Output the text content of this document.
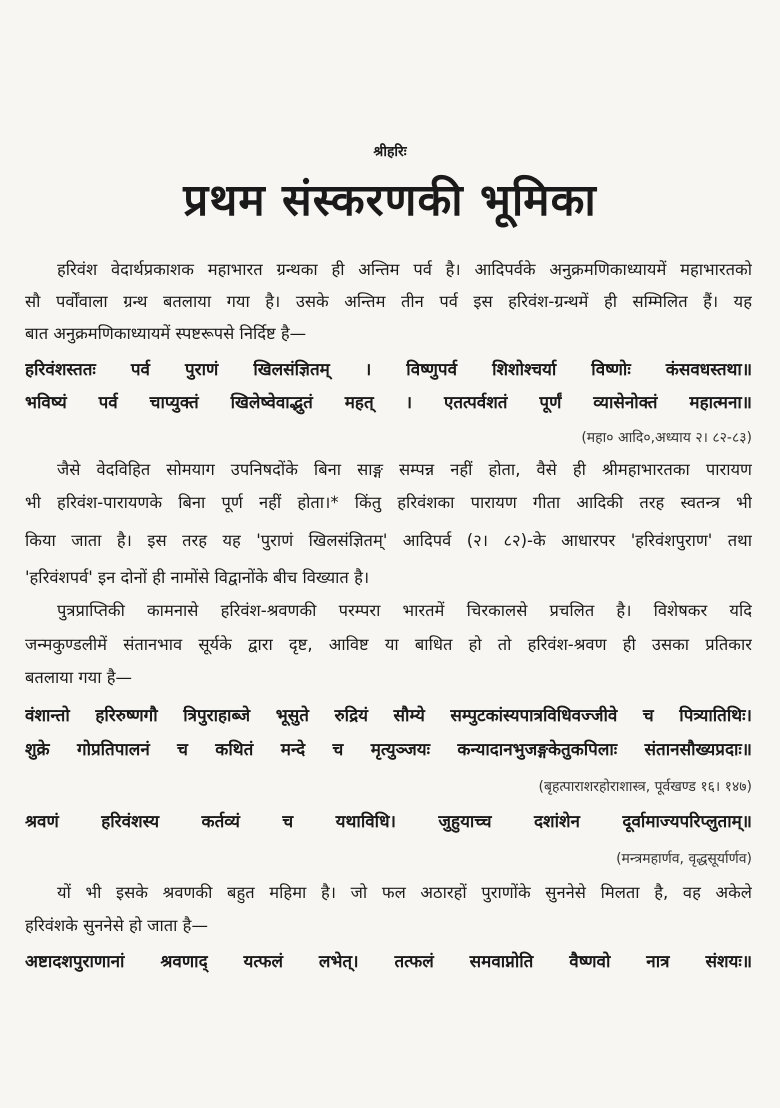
श्रीहरिः
प्रथम संस्करणकी भूमिका
हरिवंश वेदार्थप्रकाशक महाभारत ग्रन्थका ही अन्तिम पर्व है। आदिपर्वके अनुक्रमणिकाध्यायमें महाभारतको
सौ पर्वोंवाला ग्रन्थ बतलाया गया है। उसके अन्तिम तीन पर्व इस हरिवंश-ग्रन्थमें ही सम्मिलित हैं। यह
बात अनुक्रमणिकाध्यायमें स्पष्टरूपसे निर्दिष्ट है—
हरिवंशस्ततः पर्व पुराणं खिलसंज्ञितम् । विष्णुपर्व शिशोश्चर्या विष्णोः कंसवधस्तथा॥
भविष्यं पर्व चाप्युक्तं खिलेष्वेवाद्भुतं महत् । एतत्पर्वशतं पूर्णं व्यासेनोक्तं महात्मना॥
(महा० आदि०,अध्याय २। ८२-८३)
जैसे वेदविहित सोमयाग उपनिषदोंके बिना साङ्ग सम्पन्न नहीं होता, वैसे ही श्रीमहाभारतका पारायण
भी हरिवंश-पारायणके बिना पूर्ण नहीं होता।* किंतु हरिवंशका पारायण गीता आदिकी तरह स्वतन्त्र भी
किया जाता है। इस तरह यह 'पुराणं खिलसंज्ञितम्' आदिपर्व (२। ८२)-के आधारपर 'हरिवंशपुराण' तथा
'हरिवंशपर्व' इन दोनों ही नामोंसे विद्वानोंके बीच विख्यात है।
पुत्रप्राप्तिकी कामनासे हरिवंश-श्रवणकी परम्परा भारतमें चिरकालसे प्रचलित है। विशेषकर यदि
जन्मकुण्डलीमें संतानभाव सूर्यके द्वारा दृष्ट, आविष्ट या बाधित हो तो हरिवंश-श्रवण ही उसका प्रतिकार
बतलाया गया है—
वंशान्तो हरिरुष्णगौ त्रिपुराहाब्जे भूसुते रुद्रियं सौम्ये सम्पुटकांस्यपात्रविधिवज्जीवे च पित्र्यातिथिः।
शुक्रे गोप्रतिपालनं च कथितं मन्दे च मृत्युञ्जयः कन्यादानभुजङ्गकेतुकपिलाः संतानसौख्यप्रदाः॥
(बृहत्पाराशरहोराशास्त्र, पूर्वखण्ड १६। १४७)
श्रवणं हरिवंशस्य कर्तव्यं च यथाविधि। जुहुयाच्च दशांशेन दूर्वामाज्यपरिप्लुताम्॥
(मन्त्रमहार्णव, वृद्धसूर्यार्णव)
यों भी इसके श्रवणकी बहुत महिमा है। जो फल अठारहों पुराणोंके सुननेसे मिलता है, वह अकेले
हरिवंशके सुननेसे हो जाता है—
अष्टादशपुराणानां श्रवणाद् यत्फलं लभेत्। तत्फलं समवाप्नोति वैष्णवो नात्र संशयः॥
